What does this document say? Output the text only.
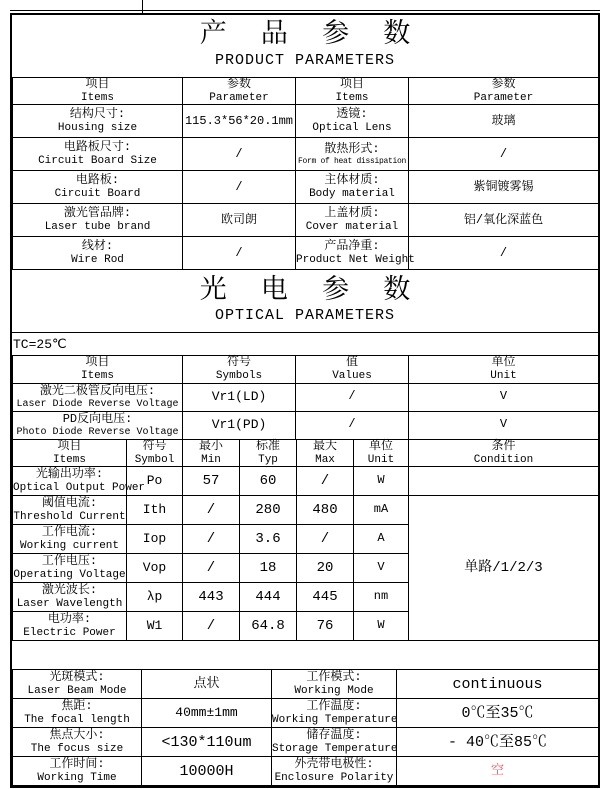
产 品 参 数
PRODUCT PARAMETERS
项目
Items	参数
Parameter	项目
Items	参数
Parameter

结构尺寸:
Housing size	115.3*56*20.1mm	透镜:
Optical Lens	玻璃

电路板尺寸:
Circuit Board Size	/	散热形式:
Form of heat dissipation	/

电路板:
Circuit Board	/	主体材质:
Body material	紫铜镀雾锡

激光管品牌:
Laser tube brand	欧司朗	上盖材质:
Cover material	铝/氧化深蓝色

线材:
Wire Rod	/	产品净重:
Product Net Weight	/
光 电 参 数
OPTICAL PARAMETERS
TC=25℃
项目
Items	符号
Symbols	值
Values	单位
Unit

激光二极管反向电压:
Laser Diode Reverse Voltage	Vr1(LD)	/	V

PD反向电压:
Photo Diode Reverse Voltage	Vr1(PD)	/	V
项目
Items	符号
Symbol	最小
Min	标准
Typ	最大
Max	单位
Unit	条件
Condition

光输出功率:
Optical Output Power	Po	57	60	/	W	

阈值电流:
Threshold Current	Ith	/	280	480	mA	单路/1/2/3

工作电流:
Working current	Iop	/	3.6	/	A	

工作电压:
Operating Voltage	Vop	/	18	20	V	

激光波长:
Laser Wavelength	λp	443	444	445	nm	

电功率:
Electric Power	W1	/	64.8	76	W	
光斑模式:
Laser Beam Mode	点状	工作模式:
Working Mode	continuous

焦距:
The focal length	40mm±1mm	工作温度:
Working Temperature	0℃至35℃

焦点大小:
The focus size	<130*110um	储存温度:
Storage Temperature	- 40℃至85℃

工作时间:
Working Time	10000H	外壳带电极性:
Enclosure Polarity	空
